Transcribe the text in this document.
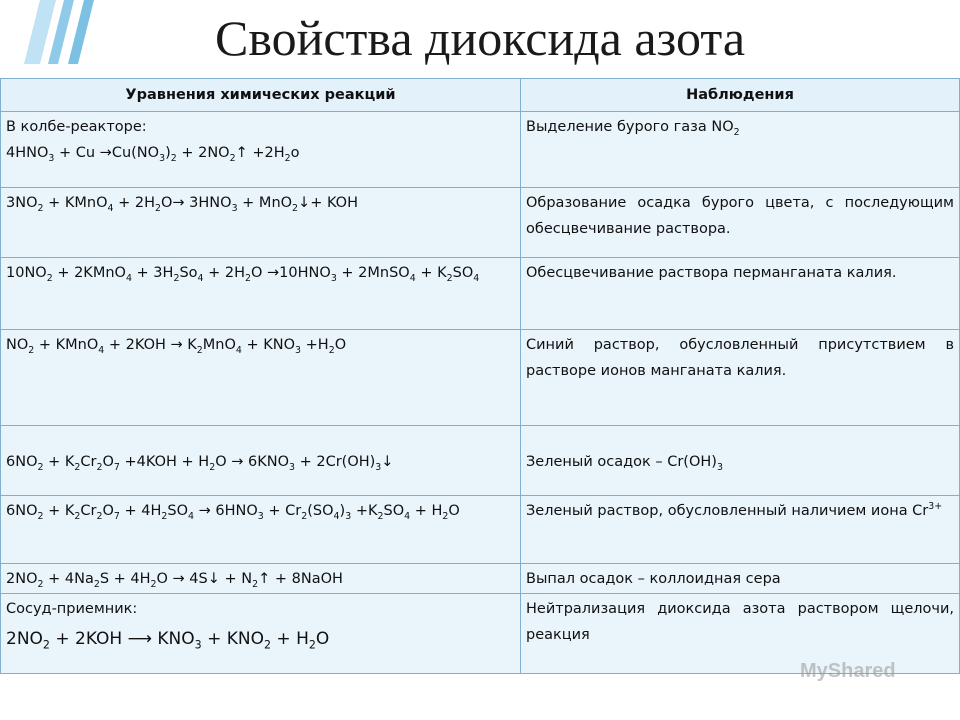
Свойства диоксида азота
Уравнения химических реакций	Наблюдения

В колбе-реакторе:
$4HNO_3 + Cu \to Cu(NO_3)_2$ + $2NO_2↑ +2H_2o$	Выделение бурого газа $NO_2$
$3NO_2$ + KMnO$_4$ + $2H_2O\to 3HNO_3$ + MnO$_2$↓+ KOH	Образование осадка бурого цвета, с последующим обесцвечивание раствора.
$10NO_2$ + 2KMnO$_4$ + $3H_2So_4 + 2H_2O \to 10HNO_3$ + 2MnSO$_4$ + $K_2SO_4$	Обесцвечивание раствора перманганата калия.
$NO_2$ + KMnO$_4$ + $2KOH \to K_2MnO_4 + KNO_3 +H_2O$	Синий раствор, обусловленный присутствием в растворе ионов манганата калия.
$6NO_2 + K_2Cr_2O_7 +4KOH + H_2O \to 6KNO_3$ + $2Cr(OH)_3↓$	Зеленый осадок – $Cr(OH)_3$
$6NO_2 + K_2Cr_2O_7 + 4H_2SO_4 \to 6HNO_3 + Cr_2(SO_4)_3 +K_2SO_4 + H_2O$	Зеленый раствор, обусловленный наличием иона $Cr^{3+}$
$2NO_2 + 4Na_2S + 4H_2O$ → 4S↓ + $N_2↑$ + 8NaOH	Выпал осадок – коллоидная сера

Сосуд-приемник:
$2NO_2 + 2KOH$ ⟶ $KNO_3 + KNO_2 + H_2O$	Нейтрализация диоксида азота раствором щелочи, реакция
MyShared
